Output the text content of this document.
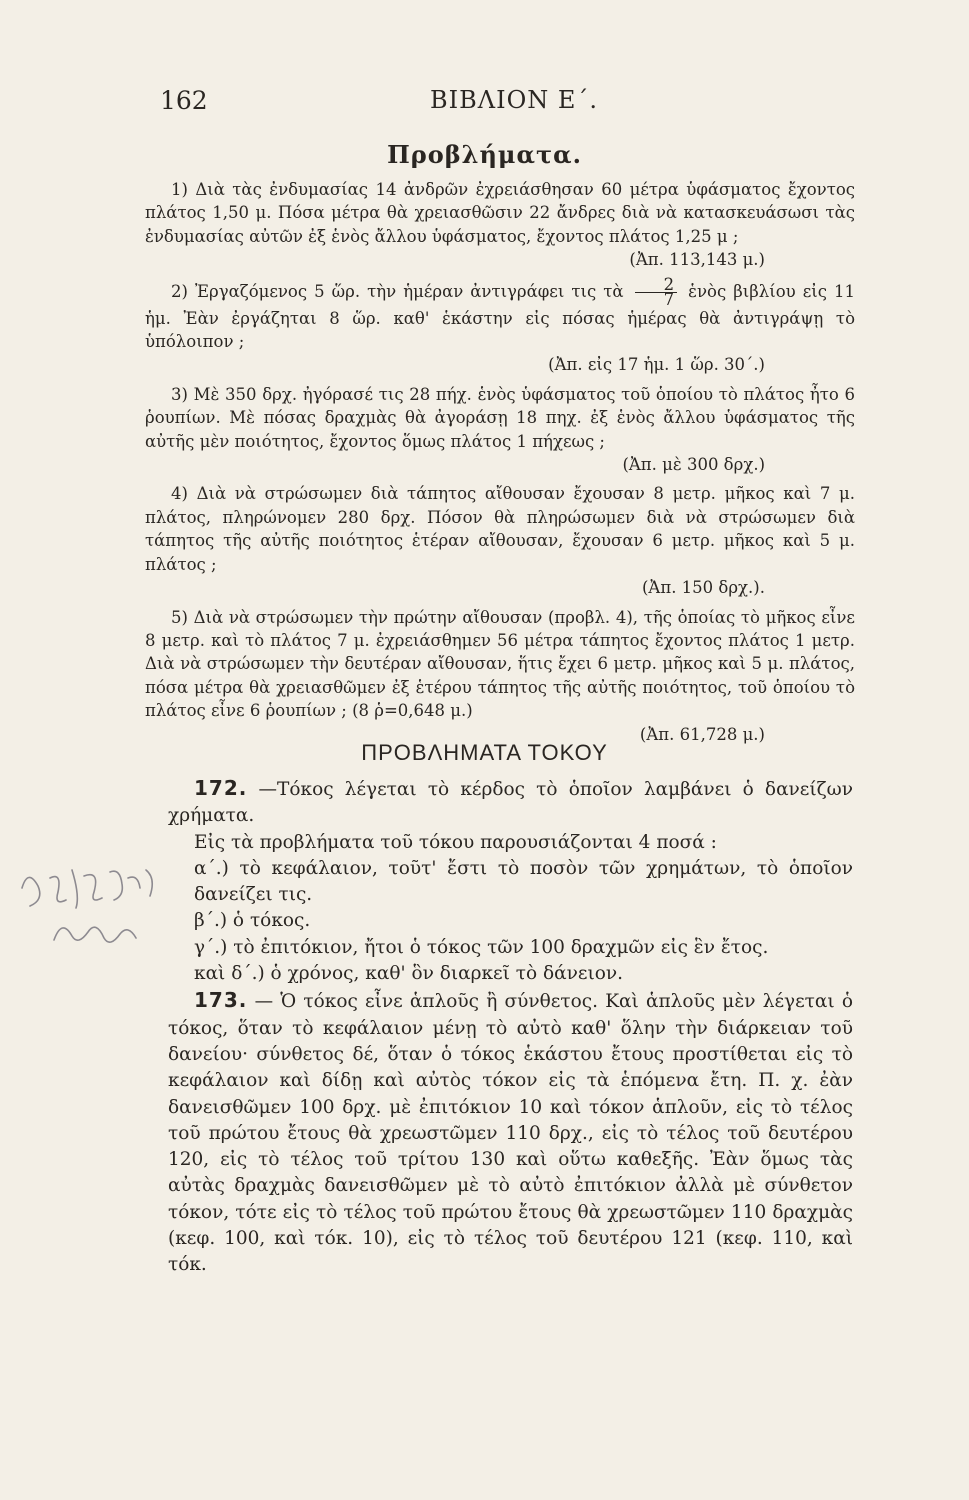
162	ΒΙΒΛΙΟΝ Ε΄.
Προβλήματα.

1) Διὰ τὰς ἐνδυμασίας 14 ἀνδρῶν ἐχρειάσθησαν 60 μέτρα ὑφάσματος ἔχοντος πλάτος 1,50 μ. Πόσα μέτρα θὰ χρειασθῶσιν 22 ἄνδρες διὰ νὰ κατασκευάσωσι τὰς ἐνδυμασίας αὐτῶν ἐξ ἑνὸς ἄλλου ὑφάσματος, ἔχοντος πλάτος 1,25 μ ;
(Ἀπ. 113,143 μ.)

2) Ἐργαζόμενος 5 ὥρ. τὴν ἡμέραν ἀντιγράφει τις τὰ $\frac{2}{7}$ ἑνὸς βιβλίου εἰς 11 ἡμ. Ἐὰν ἐργάζηται 8 ὥρ. καθ' ἑκάστην εἰς πόσας ἡμέρας θὰ ἀντιγράψῃ τὸ ὑπόλοιπον ;
(Ἀπ. εἰς 17 ἡμ. 1 ὥρ. 30΄.)

3) Μὲ 350 δρχ. ἠγόρασέ τις 28 πήχ. ἑνὸς ὑφάσματος τοῦ ὁποίου τὸ πλάτος ἦτο 6 ῥουπίων. Μὲ πόσας δραχμὰς θὰ ἀγοράσῃ 18 πηχ. ἐξ ἑνὸς ἄλλου ὑφάσματος τῆς αὐτῆς μὲν ποιότητος, ἔχοντος ὅμως πλάτος 1 πήχεως ;
(Ἀπ. μὲ 300 δρχ.)

4) Διὰ νὰ στρώσωμεν διὰ τάπητος αἴθουσαν ἔχουσαν 8 μετρ. μῆκος καὶ 7 μ. πλάτος, πληρώνομεν 280 δρχ. Πόσον θὰ πληρώσωμεν διὰ νὰ στρώσωμεν διὰ τάπητος τῆς αὐτῆς ποιότητος ἑτέραν αἴθουσαν, ἔχουσαν 6 μετρ. μῆκος καὶ 5 μ. πλάτος ;
(Ἀπ. 150 δρχ.).

5) Διὰ νὰ στρώσωμεν τὴν πρώτην αἴθουσαν (προβλ. 4), τῆς ὁποίας τὸ μῆκος εἶνε 8 μετρ. καὶ τὸ πλάτος 7 μ. ἐχρειάσθημεν 56 μέτρα τάπητος ἔχοντος πλάτος 1 μετρ. Διὰ νὰ στρώσωμεν τὴν δευτέραν αἴθουσαν, ἥτις ἔχει 6 μετρ. μῆκος καὶ 5 μ. πλάτος, πόσα μέτρα θὰ χρειασθῶμεν ἐξ ἑτέρου τάπητος τῆς αὐτῆς ποιότητος, τοῦ ὁποίου τὸ πλάτος εἶνε 6 ῥουπίων ; (8 ῥ=0,648 μ.)
(Ἀπ. 61,728 μ.)

ΠΡΟΒΛΗΜΑΤΑ ΤΟΚΟΥ

172. —Τόκος λέγεται τὸ κέρδος τὸ ὁποῖον λαμβάνει ὁ δανείζων χρήματα.

Εἰς τὰ προβλήματα τοῦ τόκου παρουσιάζονται 4 ποσά :

α΄.) τὸ κεφάλαιον, τοῦτ' ἔστι τὸ ποσὸν τῶν χρημάτων, τὸ ὁποῖον δανείζει τις.

β΄.) ὁ τόκος.

γ΄.) τὸ ἐπιτόκιον, ἤτοι ὁ τόκος τῶν 100 δραχμῶν εἰς ἓν ἔτος.

καὶ δ΄.) ὁ χρόνος, καθ' ὃν διαρκεῖ τὸ δάνειον.

173. — Ὁ τόκος εἶνε ἁπλοῦς ἢ σύνθετος. Καὶ ἁπλοῦς μὲν λέγεται ὁ τόκος, ὅταν τὸ κεφάλαιον μένῃ τὸ αὐτὸ καθ' ὅλην τὴν διάρκειαν τοῦ δανείου· σύνθετος δέ, ὅταν ὁ τόκος ἑκάστου ἔτους προστίθεται εἰς τὸ κεφάλαιον καὶ δίδῃ καὶ αὐτὸς τόκον εἰς τὰ ἑπόμενα ἔτη. Π. χ. ἐὰν δανεισθῶμεν 100 δρχ. μὲ ἐπιτόκιον 10 καὶ τόκον ἁπλοῦν, εἰς τὸ τέλος τοῦ πρώτου ἔτους θὰ χρεωστῶμεν 110 δρχ., εἰς τὸ τέλος τοῦ δευτέρου 120, εἰς τὸ τέλος τοῦ τρίτου 130 καὶ οὕτω καθεξῆς. Ἐὰν ὅμως τὰς αὐτὰς δραχμὰς δανεισθῶμεν μὲ τὸ αὐτὸ ἐπιτόκιον ἀλλὰ μὲ σύνθετον τόκον, τότε εἰς τὸ τέλος τοῦ πρώτου ἔτους θὰ χρεωστῶμεν 110 δραχμὰς (κεφ. 100, καὶ τόκ. 10), εἰς τὸ τέλος τοῦ δευτέρου 121 (κεφ. 110, καὶ τόκ.
